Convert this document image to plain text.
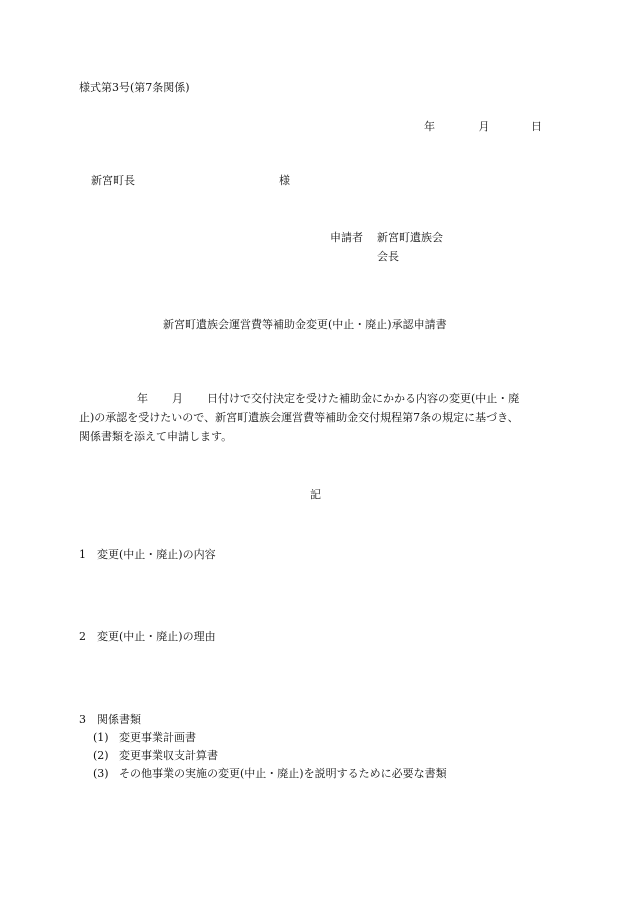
様式第3号(第7条関係)
年	月	日
新宮町長	様
申請者 新宮町遺族会
会長
新宮町遺族会運営費等補助金変更(中止・廃止)承認申請書
年 月 日付けで交付決定を受けた補助金にかかる内容の変更(中止・廃
止)の承認を受けたいので、新宮町遺族会運営費等補助金交付規程第7条の規定に基づき、
関係書類を添えて申請します。
記
1 変更(中止・廃止)の内容
2 変更(中止・廃止)の理由
3 関係書類
(1) 変更事業計画書
(2) 変更事業収支計算書
(3) その他事業の実施の変更(中止・廃止)を説明するために必要な書類
